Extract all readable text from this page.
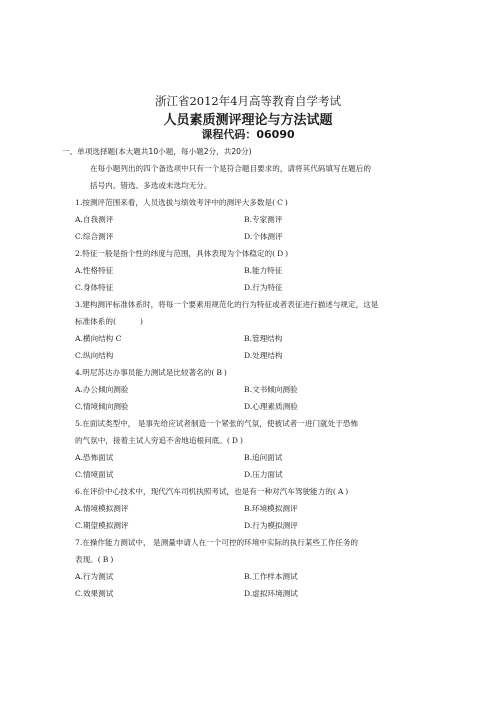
浙江省2012年4月高等教育自学考试
人员素质测评理论与方法试题
课程代码：06090
一、单项选择题(本大题共10小题，每小题2分，共20分)
在每小题列出的四个备选项中只有一个是符合题目要求的，请将其代码填写在题后的
括号内。错选、多选或未选均无分。
1.按测评范围来看，人员选拔与绩效考评中的测评大多数是( C )
A.自我测评	B.专家测评
C.综合测评	D.个体测评
2.特征一般是指个性的纬度与范围，具体表现为个体稳定的( D )
A.性格特征	B.能力特征
C.身体特征	D.行为特征
3.建构测评标准体系时，将每一个要素用规范化的行为特征或者表征进行描述与规定，这是
标准体系的(	)
A.横向结构 C	B.管理结构
C.纵向结构	D.处理结构
4.明尼苏达办事员能力测试是比较著名的( B )
A.办公倾向测验	B.文书倾向测验
C.情境倾向测验	D.心理素质测验
5.在面试类型中， 是事先给应试者制造一个紧张的气氛，使被试者一进门就处于恐怖
的气氛中，接着主试人穷追不舍地追根问底。( D )
A.恐怖面试	B.追问面试
C.情境面试	D.压力面试
6.在评价中心技术中，现代汽车司机执照考试，也是有一种对汽车驾驶能力的( A )
A.情境模拟测评	B.环境模拟测评
C.期望模拟测评	D.行为模拟测评
7.在操作能力测试中， 是测量申请人在一个可控的环境中实际的执行某些工作任务的
表现。( B )
A.行为测试	B.工作样本测试
C.效果测试	D.虚拟环境测试
